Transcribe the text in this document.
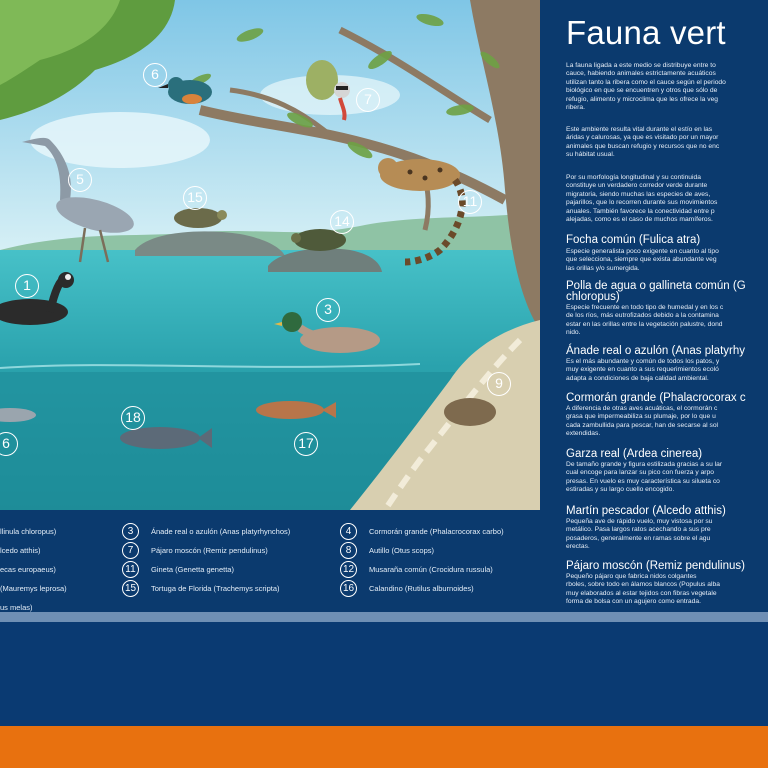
1
3
5
6
7
9
11
14
15
17
18
6
llinula chloropus)	3	Ánade real o azulón (Anas platyrhynchos)	4	Cormorán grande (Phalacrocorax carbo)
lcedo atthis)	7	Pájaro moscón (Remiz pendulinus)	8	Autillo (Otus scops)
ecas europaeus)	11	Gineta (Genetta genetta)	12	Musaraña común (Crocidura russula)
(Mauremys leprosa)	15	Tortuga de Florida (Trachemys scripta)	16	Calandino (Rutilus alburnoides)
us melas)
Fauna vert
La fauna ligada a este medio se distribuye entre to
cauce, habiendo animales estrictamente acuáticos
utilizan tanto la ribera como el cauce según el periodo
biológico en que se encuentren y otros que sólo de
refugio, alimento y microclima que les ofrece la veg
ribera.
Este ambiente resulta vital durante el estío en las
áridas y calurosas, ya que es visitado por un mayor
animales que buscan refugio y recursos que no enc
su hábitat usual.
Por su morfología longitudinal y su continuida
constituye un verdadero corredor verde durante
migratoria, siendo muchas las especies de aves,
pajarillos, que lo recorren durante sus movimientos
anuales. También favorece la conectividad entre p
alejadas, como es el caso de muchos mamíferos.
Focha común (Fulica atra)
Especie generalista poco exigente en cuanto al tipo
que selecciona, siempre que exista abundante veg
las orillas y/o sumergida.
Polla de agua o gallineta común (G
chloropus)
Especie frecuente en todo tipo de humedal y en los c
de los ríos, más eutrofizados debido a la contamina
estar en las orillas entre la vegetación palustre, dond
nido.
Ánade real o azulón (Anas platyrhy
Es el más abundante y común de todos los patos, y
muy exigente en cuanto a sus requerimientos ecoló
adapta a condiciones de baja calidad ambiental.
Cormorán grande (Phalacrocorax c
A diferencia de otras aves acuáticas, el cormorán c
grasa que impermeabiliza su plumaje, por lo que u
cada zambullida para pescar, han de secarse al sol
extendidas.
Garza real (Ardea cinerea)
De tamaño grande y figura estilizada gracias a su lar
cual encoge para lanzar su pico con fuerza y arpo
presas. En vuelo es muy característica su silueta co
estiradas y su largo cuello encogido.
Martín pescador (Alcedo atthis)
Pequeña ave de rápido vuelo, muy vistosa por su
metálico. Pasa largos ratos acechando a sus pre
posaderos, generalmente en ramas sobre el agu
erectas.
Pájaro moscón (Remiz pendulinus)
Pequeño pájaro que fabrica nidos colgantes
rboles, sobre todo en álamos blancos (Populus alba
muy elaborados al estar tejidos con fibras vegetale
forma de bolsa con un agujero como entrada.
